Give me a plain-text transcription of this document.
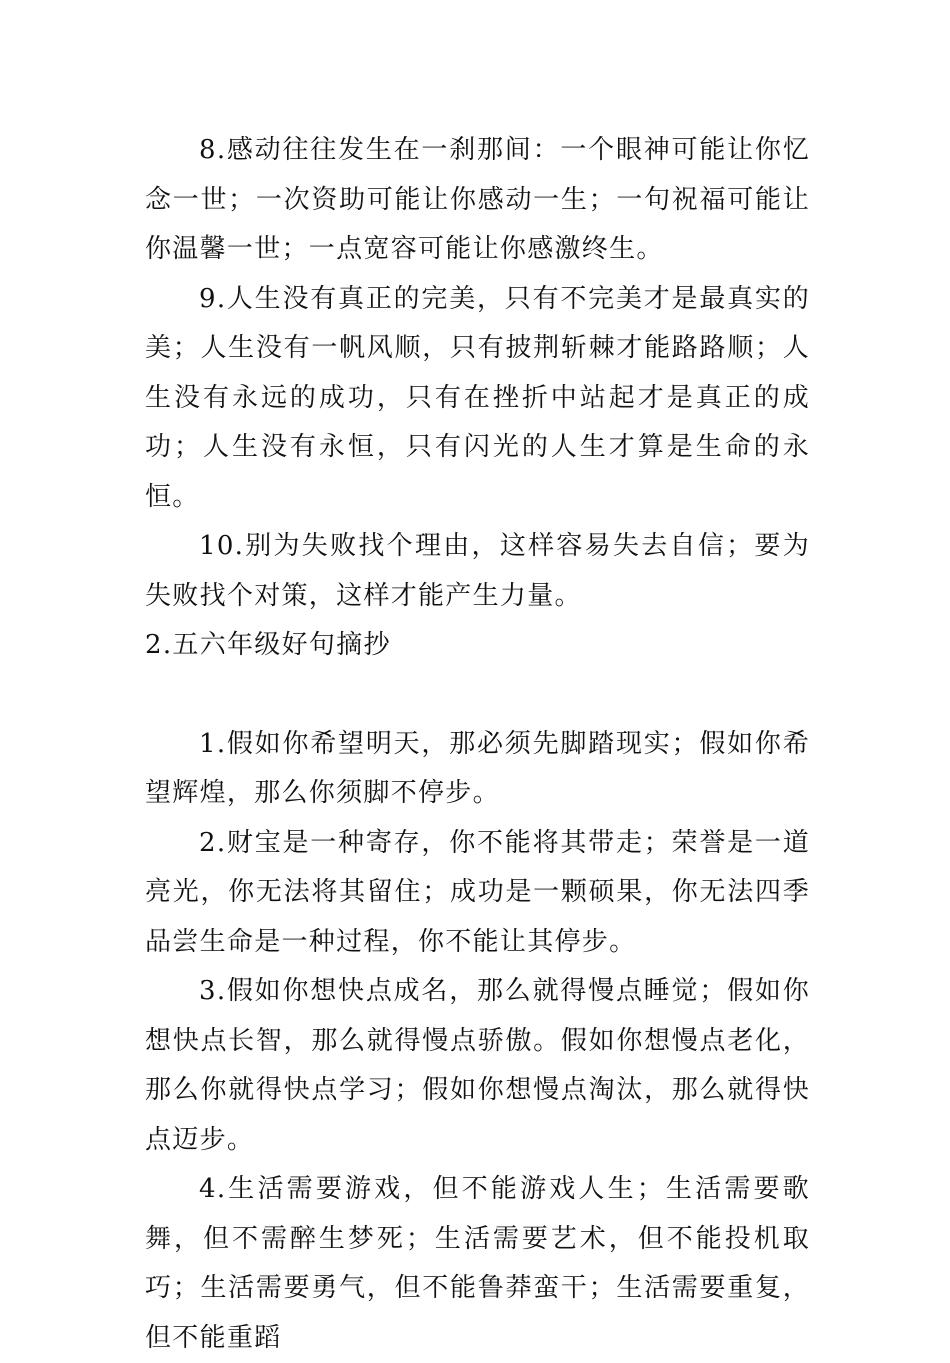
8.感动往往发生在一刹那间：一个眼神可能让你忆念一世；一次资助可能让你感动一生；一句祝福可能让你温馨一世；一点宽容可能让你感激终生。

9.人生没有真正的完美，只有不完美才是最真实的美；人生没有一帆风顺，只有披荆斩棘才能路路顺；人生没有永远的成功，只有在挫折中站起才是真正的成功；人生没有永恒，只有闪光的人生才算是生命的永恒。

10.别为失败找个理由，这样容易失去自信；要为失败找个对策，这样才能产生力量。

2.五六年级好句摘抄

1.假如你希望明天，那必须先脚踏现实；假如你希望辉煌，那么你须脚不停步。

2.财宝是一种寄存，你不能将其带走；荣誉是一道亮光，你无法将其留住；成功是一颗硕果，你无法四季品尝生命是一种过程，你不能让其停步。

3.假如你想快点成名，那么就得慢点睡觉；假如你想快点长智，那么就得慢点骄傲。假如你想慢点老化，那么你就得快点学习；假如你想慢点淘汰，那么就得快点迈步。

4.生活需要游戏，但不能游戏人生；生活需要歌舞，但不需醉生梦死；生活需要艺术，但不能投机取巧；生活需要勇气，但不能鲁莽蛮干；生活需要重复，但不能重蹈
